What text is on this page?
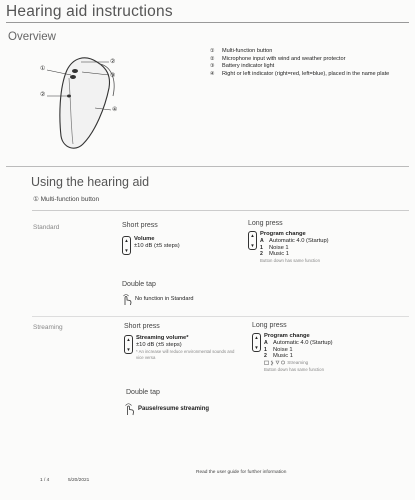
Hearing aid instructions
Overview
①
②
②
③
④
①	Multi-function button
②	Microphone input with wind and weather protector
③	Battery indicator light
④	Right or left indicator (right=red, left=blue), placed in the name plate
Using the hearing aid
① Multi-function button
Standard	Short press
▲
▼
Volume
±10 dB (±5 steps)
Long press
▲
▼
Program change
A Automatic 4.0 (Startup)
1 Noise 1
2 Music 1
Button down has same function
Double tap
No function in Standard
Streaming	Short press
▲
▼
Streaming volume*
±10 dB (±5 steps)
* An increase will reduce environmental sounds and vice versa
Long press
▲
▼
Program change
A Automatic 4.0 (Startup)
1 Noise 1
2 Music 1
Streaming
Button down has same function
Double tap
Pause/resume streaming
1 / 4	5/20/2021
Read the user guide for further information
